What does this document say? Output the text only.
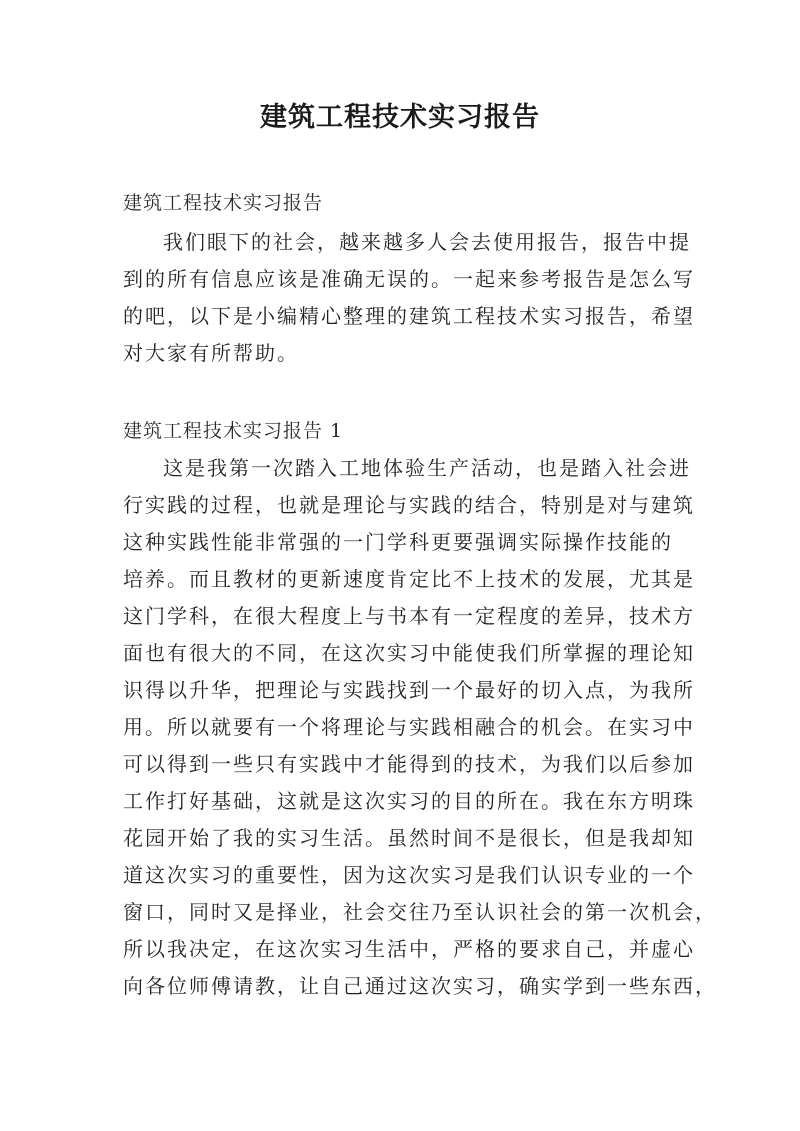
建筑工程技术实习报告
建筑工程技术实习报告
我们眼下的社会，越来越多人会去使用报告，报告中提
到的所有信息应该是准确无误的。一起来参考报告是怎么写
的吧，以下是小编精心整理的建筑工程技术实习报告，希望
对大家有所帮助。
建筑工程技术实习报告 1
这是我第一次踏入工地体验生产活动，也是踏入社会进
行实践的过程，也就是理论与实践的结合，特别是对与建筑
这种实践性能非常强的一门学科更要强调实际操作技能的
培养。而且教材的更新速度肯定比不上技术的发展，尤其是
这门学科，在很大程度上与书本有一定程度的差异，技术方
面也有很大的不同，在这次实习中能使我们所掌握的理论知
识得以升华，把理论与实践找到一个最好的切入点，为我所
用。所以就要有一个将理论与实践相融合的机会。在实习中
可以得到一些只有实践中才能得到的技术，为我们以后参加
工作打好基础，这就是这次实习的目的所在。我在东方明珠
花园开始了我的实习生活。虽然时间不是很长，但是我却知
道这次实习的重要性，因为这次实习是我们认识专业的一个
窗口，同时又是择业，社会交往乃至认识社会的第一次机会，
所以我决定，在这次实习生活中，严格的要求自己，并虚心
向各位师傅请教，让自己通过这次实习，确实学到一些东西，
